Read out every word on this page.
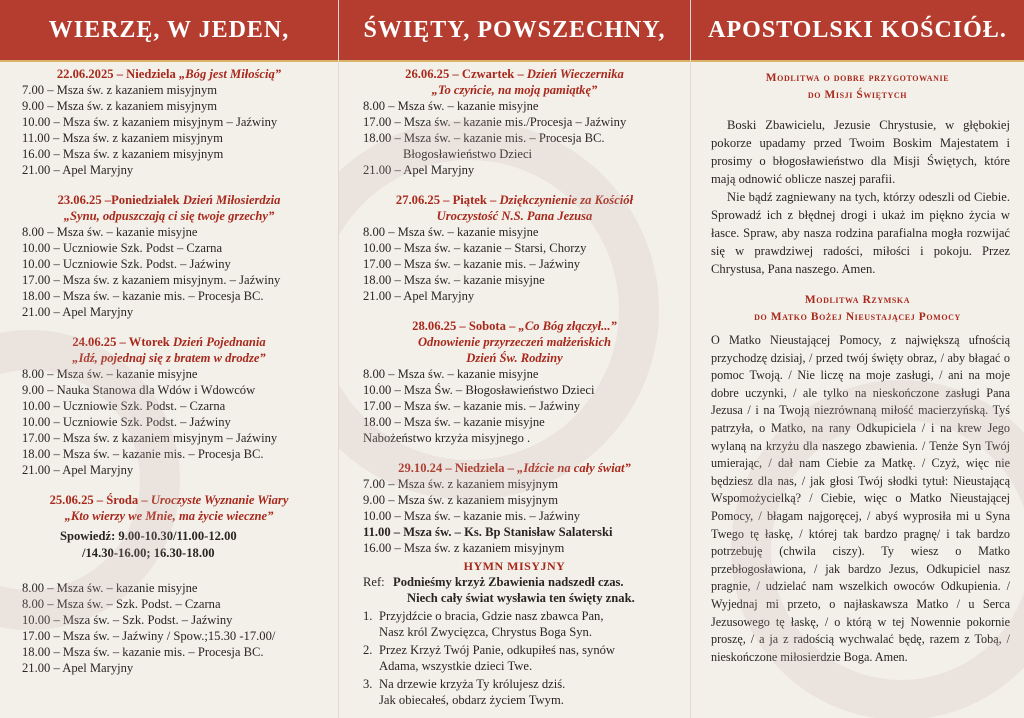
WIERZĘ, W JEDEN,
22.06.2025 – Niedziela „Bóg jest Miłością”
7.00 – Msza św. z kazaniem misyjnym
9.00 – Msza św. z kazaniem misyjnym
10.00 – Msza św. z kazaniem misyjnym – Jaźwiny
11.00 – Msza św. z kazaniem misyjnym
16.00 – Msza św. z kazaniem misyjnym
21.00 – Apel Maryjny
23.06.25 –Poniedziałek Dzień Miłosierdzia
„Synu, odpuszczają ci się twoje grzechy”
8.00 – Msza św. – kazanie misyjne
10.00 – Uczniowie Szk. Podst – Czarna
10.00 – Uczniowie Szk. Podst. – Jaźwiny
17.00 – Msza św. z kazaniem misyjnym. – Jaźwiny
18.00 – Msza św. – kazanie mis. – Procesja BC.
21.00 – Apel Maryjny
24.06.25 – Wtorek Dzień Pojednania
„Idź, pojednaj się z bratem w drodze”
8.00 – Msza św. – kazanie misyjne
9.00 – Nauka Stanowa dla Wdów i Wdowców
10.00 – Uczniowie Szk. Podst. – Czarna
10.00 – Uczniowie Szk. Podst. – Jaźwiny
17.00 – Msza św. z kazaniem misyjnym – Jaźwiny
18.00 – Msza św. – kazanie mis. – Procesja BC.
21.00 – Apel Maryjny
25.06.25 – Środa – Uroczyste Wyznanie Wiary
„Kto wierzy we Mnie, ma życie wieczne”
Spowiedź: 9.00-10.30/11.00-12.00
/14.30-16.00; 16.30-18.00
8.00 – Msza św. – kazanie misyjne
8.00 – Msza św. – Szk. Podst. – Czarna
10.00 – Msza św. – Szk. Podst. – Jaźwiny
17.00 – Msza św. – Jaźwiny / Spow.;15.30 -17.00/
18.00 – Msza św. – kazanie mis. – Procesja BC.
21.00 – Apel Maryjny
ŚWIĘTY, POWSZECHNY,
26.06.25 – Czwartek – Dzień Wieczernika
„To czyńcie, na moją pamiątkę”
8.00 – Msza św. – kazanie misyjne
17.00 – Msza św. – kazanie mis./Procesja – Jaźwiny
18.00 – Msza św. – kazanie mis. – Procesja BC.
Błogosławieństwo Dzieci
21.00 – Apel Maryjny
27.06.25 – Piątek – Dziękczynienie za Kościół
Uroczystość N.S. Pana Jezusa
8.00 – Msza św. – kazanie misyjne
10.00 – Msza św. – kazanie – Starsi, Chorzy
17.00 – Msza św. – kazanie mis. – Jaźwiny
18.00 – Msza św. – kazanie misyjne
21.00 – Apel Maryjny
28.06.25 – Sobota – „Co Bóg złączył...”
Odnowienie przyrzeczeń małżeńskich
Dzień Św. Rodziny
8.00 – Msza św. – kazanie misyjne
10.00 – Msza Św. – Błogosławieństwo Dzieci
17.00 – Msza św. – kazanie mis. – Jaźwiny
18.00 – Msza św. – kazanie misyjne
Nabożeństwo krzyża misyjnego .
29.10.24 – Niedziela – „Idźcie na cały świat”
7.00 – Msza św. z kazaniem misyjnym
9.00 – Msza św. z kazaniem misyjnym
10.00 – Msza św. – kazanie mis. – Jaźwiny
11.00 – Msza św. – Ks. Bp Stanisław Salaterski
16.00 – Msza św. z kazaniem misyjnym
HYMN MISYJNY
Ref: Podnieśmy krzyż Zbawienia nadszedł czas.
Niech cały świat wysławia ten święty znak.
1. Przyjdźcie o bracia, Gdzie nasz zbawca Pan,
Nasz król Zwycięzca, Chrystus Boga Syn.
2. Przez Krzyż Twój Panie, odkupiłeś nas, synów
Adama, wszystkie dzieci Twe.
3. Na drzewie krzyża Ty królujesz dziś.
Jak obiecałeś, obdarz życiem Twym.
APOSTOLSKI KOŚCIÓŁ.
Modlitwa o dobre przygotowanie
do Misji Świętych
Boski Zbawicielu, Jezusie Chrystusie, w głębokiej pokorze upadamy przed Twoim Boskim Majestatem i prosimy o błogosławieństwo dla Misji Świętych, które mają odnowić oblicze naszej parafii.
Nie bądź zagniewany na tych, którzy odeszli od Ciebie. Sprowadź ich z błędnej drogi i ukaż im piękno życia w łasce. Spraw, aby nasza rodzina parafialna mogła rozwijać się w prawdziwej radości, miłości i pokoju. Przez Chrystusa, Pana naszego. Amen.
Modlitwa Rzymska
do Matko Bożej Nieustającej Pomocy
O Matko Nieustającej Pomocy, z największą ufnością przychodzę dzisiaj, / przed twój święty obraz, / aby błagać o pomoc Twoją. / Nie liczę na moje zasługi, / ani na moje dobre uczynki, / ale tylko na nieskończone zasługi Pana Jezusa / i na Twoją niezrównaną miłość macierzyńską. Tyś patrzyła, o Matko, na rany Odkupiciela / i na krew Jego wylaną na krzyżu dla naszego zbawienia. / Tenże Syn Twój umierając, / dał nam Ciebie za Matkę. / Czyż, więc nie będziesz dla nas, / jak głosi Twój słodki tytuł: Nieustającą Wspomożycielką? / Ciebie, więc o Matko Nieustającej Pomocy, / błagam najgoręcej, / abyś wyprosiła mi u Syna Twego tę łaskę, / której tak bardzo pragnę/ i tak bardzo potrzebuję (chwila ciszy). Ty wiesz o Matko przebłogosławiona, / jak bardzo Jezus, Odkupiciel nasz pragnie, / udzielać nam wszelkich owoców Odkupienia. / Wyjednaj mi przeto, o najłaskawsza Matko / u Serca Jezusowego tę łaskę, / o którą w tej Nowennie pokornie proszę, / a ja z radością wychwalać będę, razem z Tobą, / nieskończone miłosierdzie Boga. Amen.
